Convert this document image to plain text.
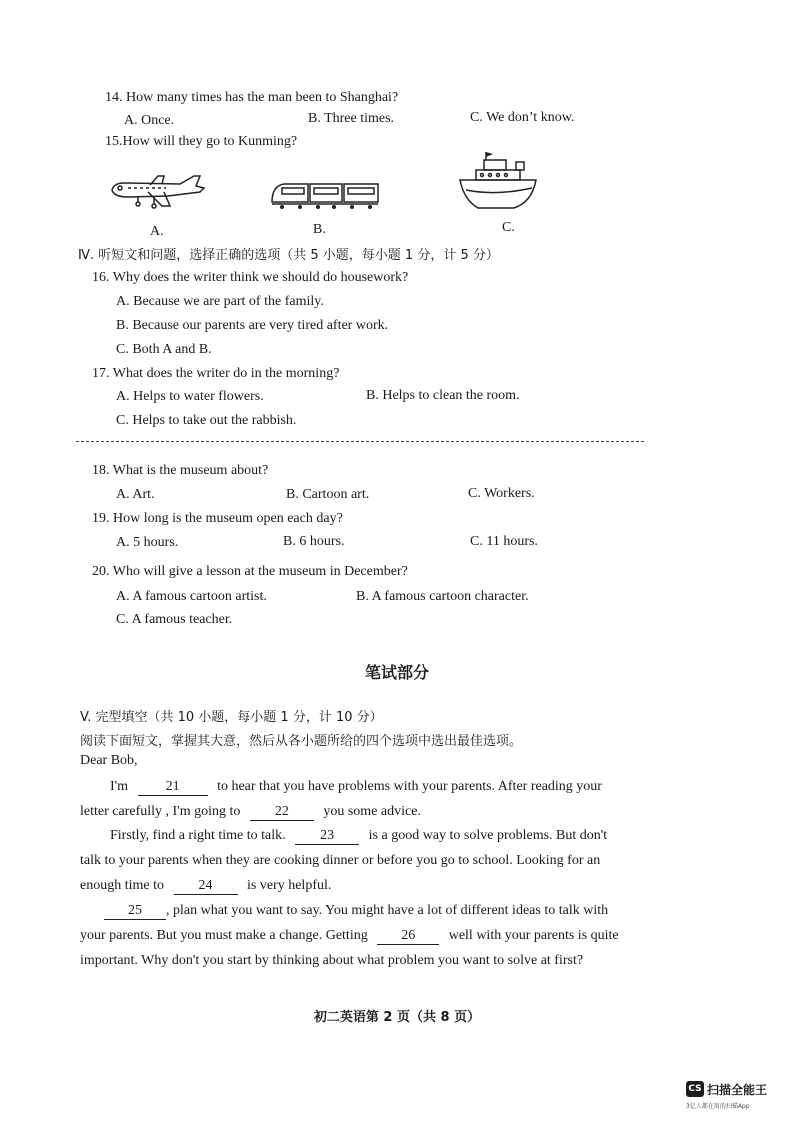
14. How many times has the man been to Shanghai?
A. Once.	B. Three times.	C. We don’t know.
15.How will they go to Kunming?
A.	B.	C.
Ⅳ. 听短文和问题，选择正确的选项（共 5 小题，每小题 1 分，计 5 分）
16. Why does the writer think we should do housework?
A. Because we are part of the family.
B. Because our parents are very tired after work.
C. Both A and B.
17. What does the writer do in the morning?
A. Helps to water flowers.	B. Helps to clean the room.
C. Helps to take out the rabbish.
18. What is the museum about?
A. Art.	B. Cartoon art.	C. Workers.
19. How long is the museum open each day?
A. 5 hours.	B. 6 hours.	C. 11 hours.
20. Who will give a lesson at the museum in December?
A. A famous cartoon artist.	B. A famous cartoon character.
C. A famous teacher.
笔试部分
V. 完型填空（共 10 小题，每小题 1 分，计 10 分）
阅读下面短文，掌握其大意，然后从各小题所给的四个选项中选出最佳选项。
Dear Bob,
I'm	21	to hear that you have problems with your parents. After reading your
letter carefully , I'm going to 22 you some advice.
Firstly, find a right time to talk. 23 is a good way to solve problems. But don't
talk to your parents when they are cooking dinner or before you go to school. Looking for an
enough time to 24 is very helpful.
25 , plan what you want to say. You might have a lot of different ideas to talk with
your parents. But you must make a change. Getting 26 well with your parents is quite
important. Why don't you start by thinking about what problem you want to solve at first?
初二英语第 2 页（共 8 页）
CS 扫描全能王
3亿人都在用的扫描App
